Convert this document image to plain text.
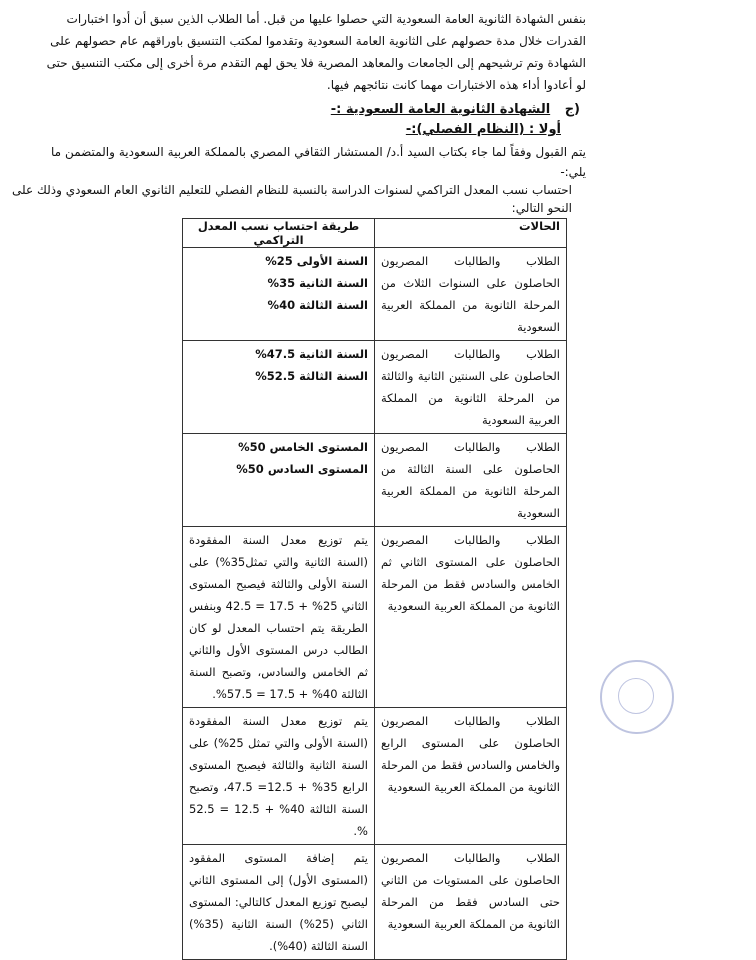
بنفس الشهادة الثانوية العامة السعودية التي حصلوا عليها من قبل. أما الطلاب الذين سبق أن أدوا اختبارات
القدرات خلال مدة حصولهم على الثانوية العامة السعودية وتقدموا لمكتب التنسيق باوراقهم عام حصولهم على
الشهادة وتم ترشيحهم إلى الجامعات والمعاهد المصرية فلا يحق لهم التقدم مرة أخرى إلى مكتب التنسيق حتى
لو أعادوا أداء هذه الاختبارات مهما كانت نتائجهم فيها.

(ج الشهادة الثانوية العامة السعودية :-

أولا : (النظام الفصلي):-

يتم القبول وفقاً لما جاء بكتاب السيد أ.د/ المستشار الثقافي المصري بالمملكة العربية السعودية والمتضمن ما يلي:-

احتساب نسب المعدل التراكمي لسنوات الدراسة بالنسبة للنظام الفصلي للتعليم الثانوي العام السعودي وذلك على النحو التالي:

الحالات	طريقة احتساب نسب المعدل التراكمي
الطلاب والطالبات المصريون الحاصلون على السنوات الثلاث من المرحلة الثانوية من المملكة العربية السعودية	السنة الأولى 25%
السنة الثانية 35%
السنة الثالثة 40%

الطلاب والطالبات المصريون الحاصلون على السنتين الثانية والثالثة من المرحلة الثانوية من المملكة العربية السعودية	السنة الثانية 47.5%
السنة الثالثة 52.5%

الطلاب والطالبات المصريون الحاصلون على السنة الثالثة من المرحلة الثانوية من المملكة العربية السعودية	المستوى الخامس 50%
المستوى السادس 50%

الطلاب والطالبات المصريون الحاصلون على المستوى الثاني ثم الخامس والسادس فقط من المرحلة الثانوية من المملكة العربية السعودية	يتم توزيع معدل السنة المفقودة (السنة الثانية والتي تمثل35%) على السنة الأولى والثالثة فيصبح المستوى الثاني 25% + 17.5 = 42.5 وبنفس الطريقة يتم احتساب المعدل لو كان الطالب درس المستوى الأول والثاني ثم الخامس والسادس، وتصبح السنة الثالثة 40% + 17.5 = 57.5%.
الطلاب والطالبات المصريون الحاصلون على المستوى الرابع والخامس والسادس فقط من المرحلة الثانوية من المملكة العربية السعودية	يتم توزيع معدل السنة المفقودة (السنة الأولى والتي تمثل 25%) على السنة الثانية والثالثة فيصبح المستوى الرابع 35% + 12.5= 47.5، وتصبح السنة الثالثة 40% + 12.5 = 52.5 %.
الطلاب والطالبات المصريون الحاصلون على المستويات من الثاني حتى السادس فقط من المرحلة الثانوية من المملكة العربية السعودية	يتم إضافة المستوى المفقود (المستوى الأول) إلى المستوى الثاني ليصبح توزيع المعدل كالتالي: المستوى الثاني (25%) السنة الثانية (35%) السنة الثالثة (40%).
